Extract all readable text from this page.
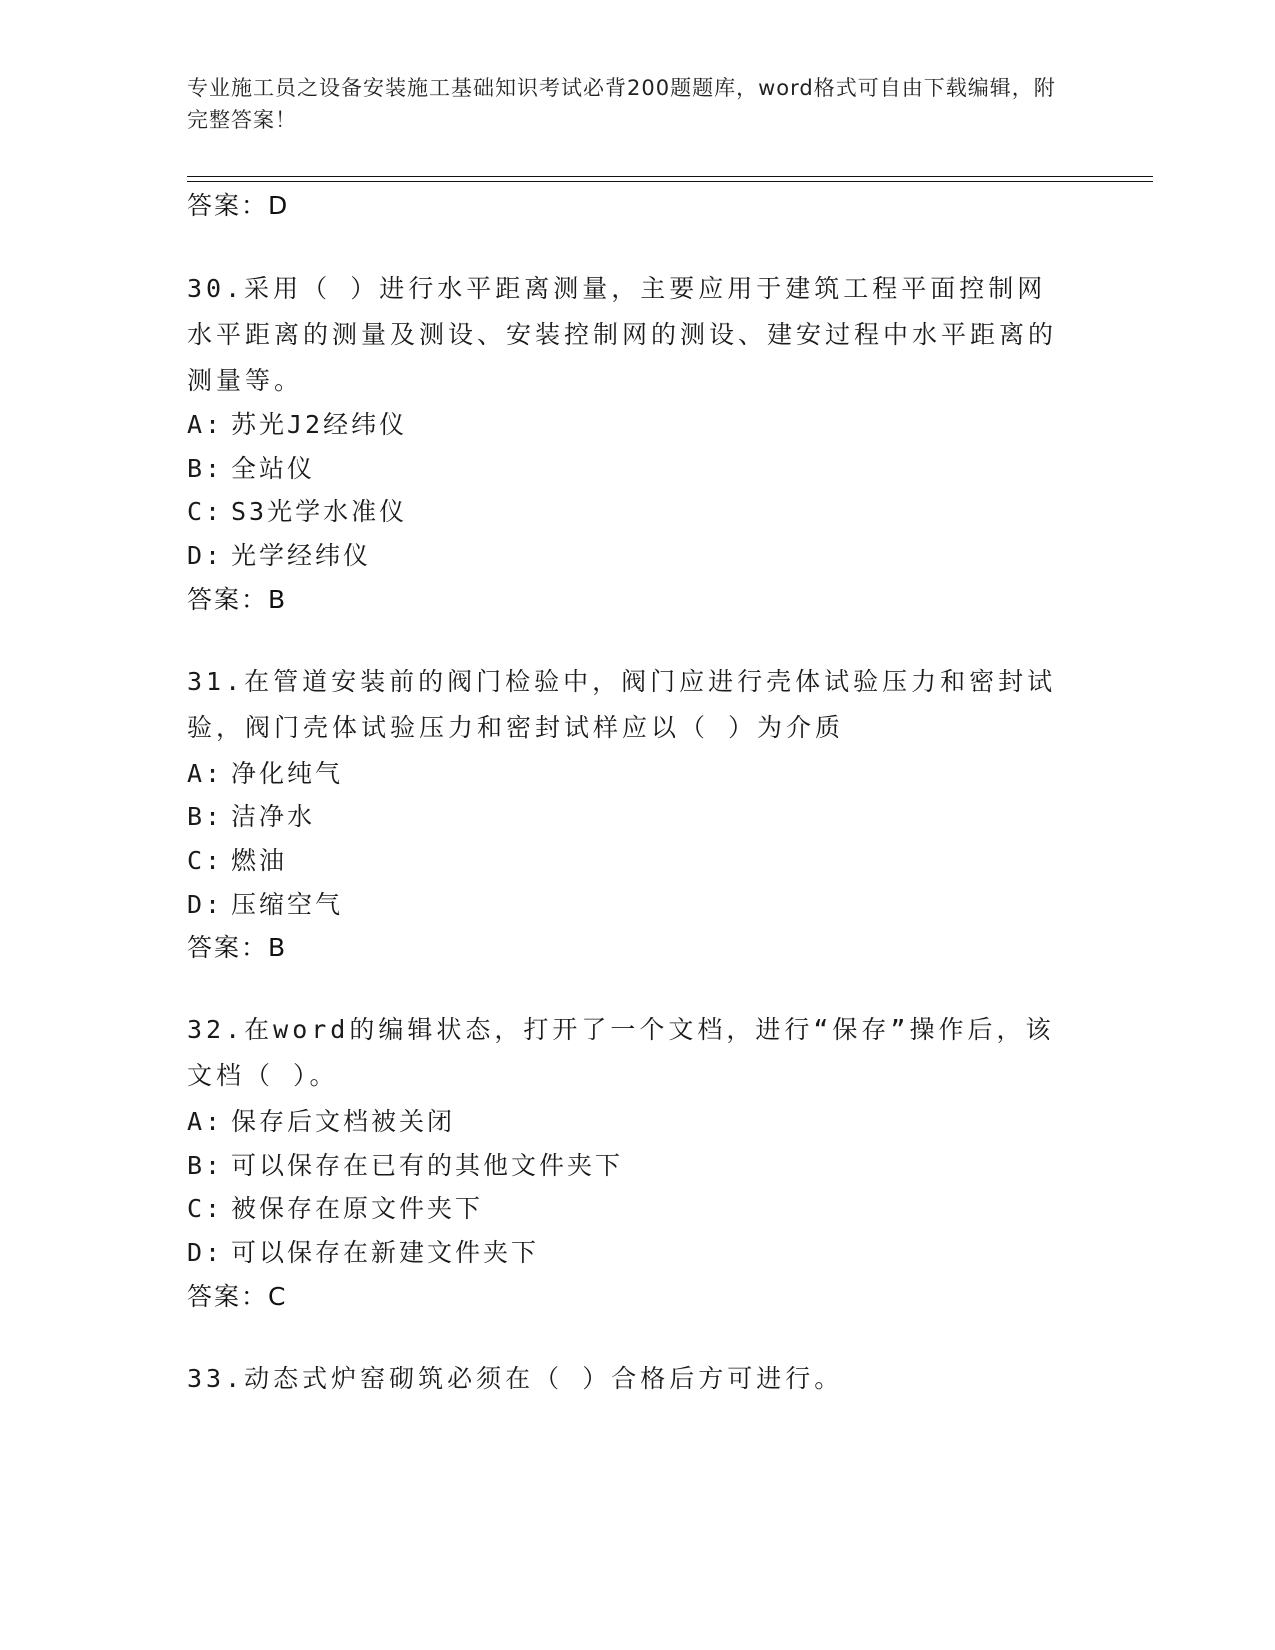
专业施工员之设备安装施工基础知识考试必背200题题库，word格式可自由下载编辑，附完整答案！
答案：D
30.采用（ ）进行水平距离测量，主要应用于建筑工程平面控制网水平距离的测量及测设、安装控制网的测设、建安过程中水平距离的测量等。
A: 苏光J2经纬仪
B: 全站仪
C: S3光学水准仪
D: 光学经纬仪
答案：B
31.在管道安装前的阀门检验中，阀门应进行壳体试验压力和密封试验，阀门壳体试验压力和密封试样应以（ ）为介质
A: 净化纯气
B: 洁净水
C: 燃油
D: 压缩空气
答案：B
32.在word的编辑状态，打开了一个文档，进行“保存”操作后，该文档（ ）。
A: 保存后文档被关闭
B: 可以保存在已有的其他文件夹下
C: 被保存在原文件夹下
D: 可以保存在新建文件夹下
答案：C
33.动态式炉窑砌筑必须在（ ）合格后方可进行。
